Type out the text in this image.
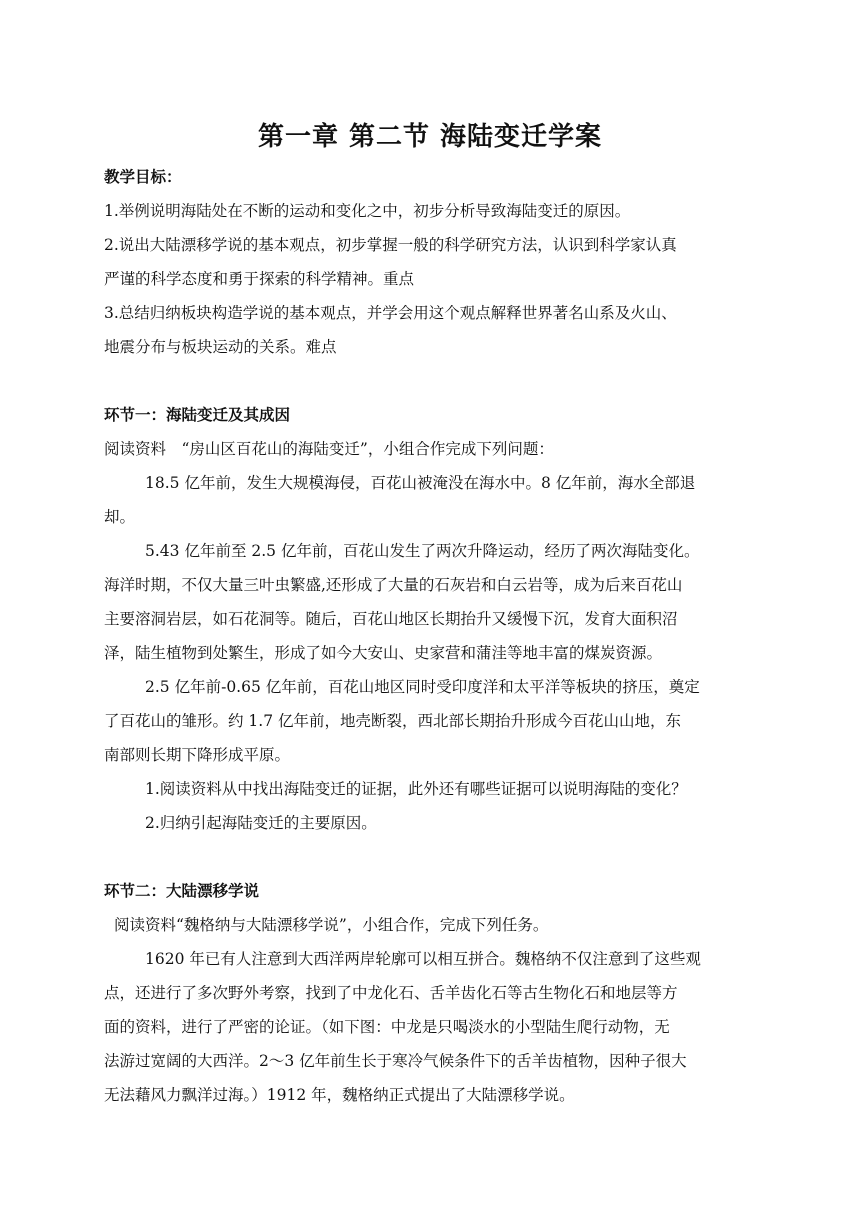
第一章 第二节 海陆变迁学案
教学目标：
1.举例说明海陆处在不断的运动和变化之中，初步分析导致海陆变迁的原因。
2.说出大陆漂移学说的基本观点，初步掌握一般的科学研究方法，认识到科学家认真
严谨的科学态度和勇于探索的科学精神。重点
3.总结归纳板块构造学说的基本观点，并学会用这个观点解释世界著名山系及火山、
地震分布与板块运动的关系。难点
环节一：海陆变迁及其成因
阅读资料　“房山区百花山的海陆变迁”，小组合作完成下列问题：
18.5 亿年前，发生大规模海侵，百花山被淹没在海水中。8 亿年前，海水全部退
却。
5.43 亿年前至 2.5 亿年前，百花山发生了两次升降运动，经历了两次海陆变化。
海洋时期，不仅大量三叶虫繁盛,还形成了大量的石灰岩和白云岩等，成为后来百花山
主要溶洞岩层，如石花洞等。随后，百花山地区长期抬升又缓慢下沉，发育大面积沼
泽，陆生植物到处繁生，形成了如今大安山、史家营和蒲洼等地丰富的煤炭资源。
2.5 亿年前-0.65 亿年前，百花山地区同时受印度洋和太平洋等板块的挤压，奠定
了百花山的雏形。约 1.7 亿年前，地壳断裂，西北部长期抬升形成今百花山山地，东
南部则长期下降形成平原。
1.阅读资料从中找出海陆变迁的证据，此外还有哪些证据可以说明海陆的变化？
2.归纳引起海陆变迁的主要原因。
环节二：大陆漂移学说
阅读资料“魏格纳与大陆漂移学说”，小组合作，完成下列任务。
1620 年已有人注意到大西洋两岸轮廓可以相互拼合。魏格纳不仅注意到了这些观
点，还进行了多次野外考察，找到了中龙化石、舌羊齿化石等古生物化石和地层等方
面的资料，进行了严密的论证。（如下图：中龙是只喝淡水的小型陆生爬行动物，无
法游过宽阔的大西洋。2～3 亿年前生长于寒冷气候条件下的舌羊齿植物，因种子很大
无法藉风力飘洋过海。）1912 年，魏格纳正式提出了大陆漂移学说。
